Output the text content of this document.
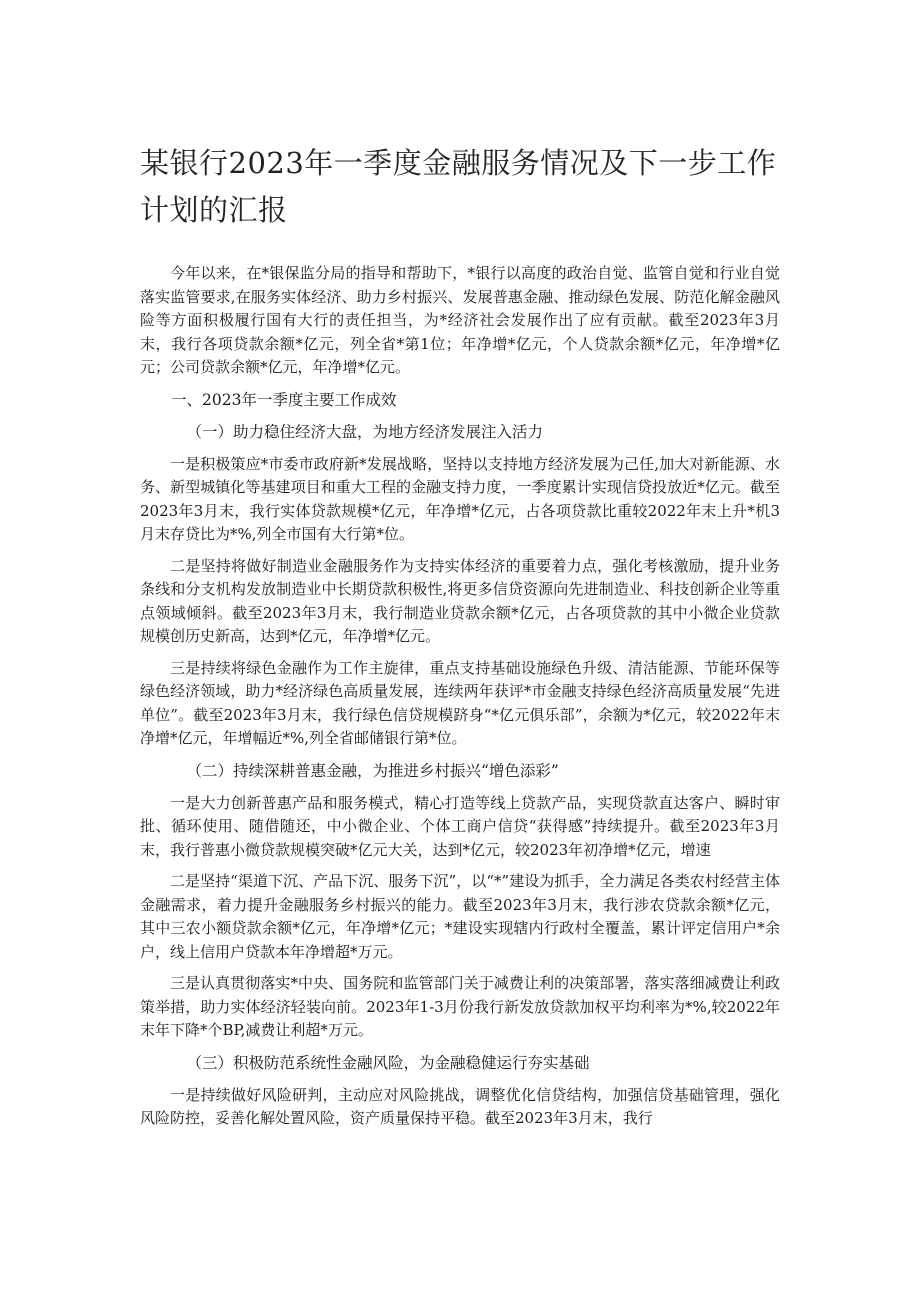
某银行2023年一季度金融服务情况及下一步工作计划的汇报

今年以来，在*银保监分局的指导和帮助下，*银行以高度的政治自觉、监管自觉和行业自觉落实监管要求,在服务实体经济、助力乡村振兴、发展普惠金融、推动绿色发展、防范化解金融风险等方面积极履行国有大行的责任担当，为*经济社会发展作出了应有贡献。截至2023年3月末，我行各项贷款余额*亿元，列全省*第1位；年净增*亿元，个人贷款余额*亿元，年净增*亿元；公司贷款余额*亿元，年净增*亿元。

一、2023年一季度主要工作成效

（一）助力稳住经济大盘，为地方经济发展注入活力

一是积极策应*市委市政府新*发展战略，坚持以支持地方经济发展为己任,加大对新能源、水务、新型城镇化等基建项目和重大工程的金融支持力度，一季度累计实现信贷投放近*亿元。截至2023年3月末，我行实体贷款规模*亿元，年净增*亿元，占各项贷款比重较2022年末上升*机3月末存贷比为*%,列全市国有大行第*位。

二是坚持将做好制造业金融服务作为支持实体经济的重要着力点，强化考核激励，提升业务条线和分支机构发放制造业中长期贷款积极性,将更多信贷资源向先进制造业、科技创新企业等重点领域倾斜。截至2023年3月末，我行制造业贷款余额*亿元，占各项贷款的其中小微企业贷款规模创历史新高，达到*亿元，年净增*亿元。

三是持续将绿色金融作为工作主旋律，重点支持基础设施绿色升级、清洁能源、节能环保等绿色经济领域，助力*经济绿色高质量发展，连续两年获评*市金融支持绿色经济高质量发展“先进单位”。截至2023年3月末，我行绿色信贷规模跻身“*亿元俱乐部”，余额为*亿元，较2022年末净增*亿元，年增幅近*%,列全省邮储银行第*位。

（二）持续深耕普惠金融，为推进乡村振兴“增色添彩”

一是大力创新普惠产品和服务模式，精心打造等线上贷款产品，实现贷款直达客户、瞬时审批、循环使用、随借随还，中小微企业、个体工商户信贷“获得感”持续提升。截至2023年3月末，我行普惠小微贷款规模突破*亿元大关，达到*亿元，较2023年初净增*亿元，增速

二是坚持“渠道下沉、产品下沉、服务下沉”，以“*”建设为抓手，全力满足各类农村经营主体金融需求，着力提升金融服务乡村振兴的能力。截至2023年3月末，我行涉农贷款余额*亿元，其中三农小额贷款余额*亿元，年净增*亿元；*建设实现辖内行政村全覆盖，累计评定信用户*余户，线上信用户贷款本年净增超*万元。

三是认真贯彻落实*中央、国务院和监管部门关于减费让利的决策部署，落实落细减费让利政策举措，助力实体经济轻装向前。2023年1-3月份我行新发放贷款加权平均利率为*%,较2022年末年下降*个BP,减费让利超*万元。

（三）积极防范系统性金融风险，为金融稳健运行夯实基础

一是持续做好风险研判，主动应对风险挑战，调整优化信贷结构，加强信贷基础管理，强化风险防控，妥善化解处置风险，资产质量保持平稳。截至2023年3月末，我行
